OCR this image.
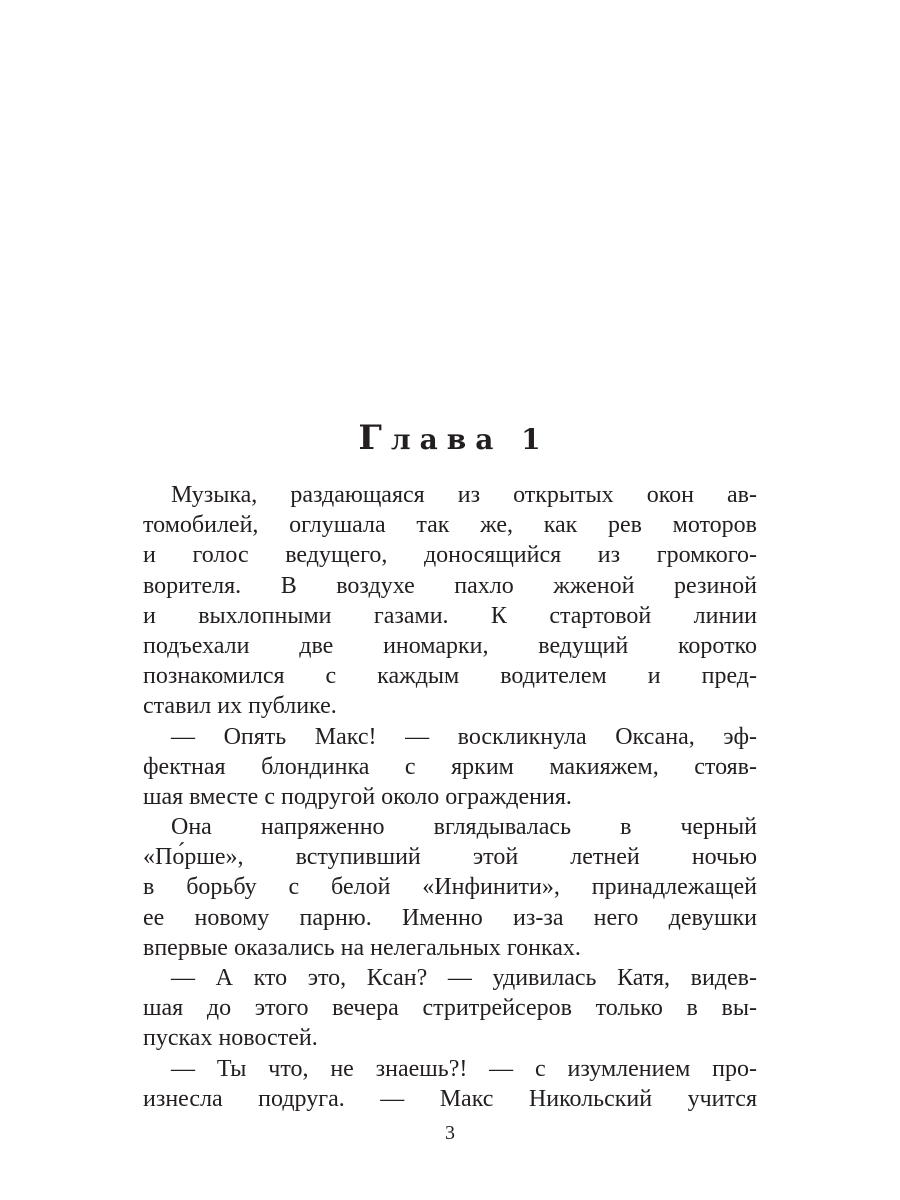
Глава 1
Музыка, раздающаяся из открытых окон ав-
томобилей, оглушала так же, как рев моторов
и голос ведущего, доносящийся из громкого-
ворителя. В воздухе пахло жженой резиной
и выхлопными газами. К стартовой линии
подъехали две иномарки, ведущий коротко
познакомился с каждым водителем и пред-
ставил их публике.
— Опять Макс! — воскликнула Оксана, эф-
фектная блондинка с ярким макияжем, стояв-
шая вместе с подругой около ограждения.
Она напряженно вглядывалась в черный
«По́рше», вступивший этой летней ночью
в борьбу с белой «Инфинити», принадлежащей
ее новому парню. Именно из-за него девушки
впервые оказались на нелегальных гонках.
— А кто это, Ксан? — удивилась Катя, видев-
шая до этого вечера стритрейсеров только в вы-
пусках новостей.
— Ты что, не знаешь?! — с изумлением про-
изнесла подруга. — Макс Никольский учится
3
